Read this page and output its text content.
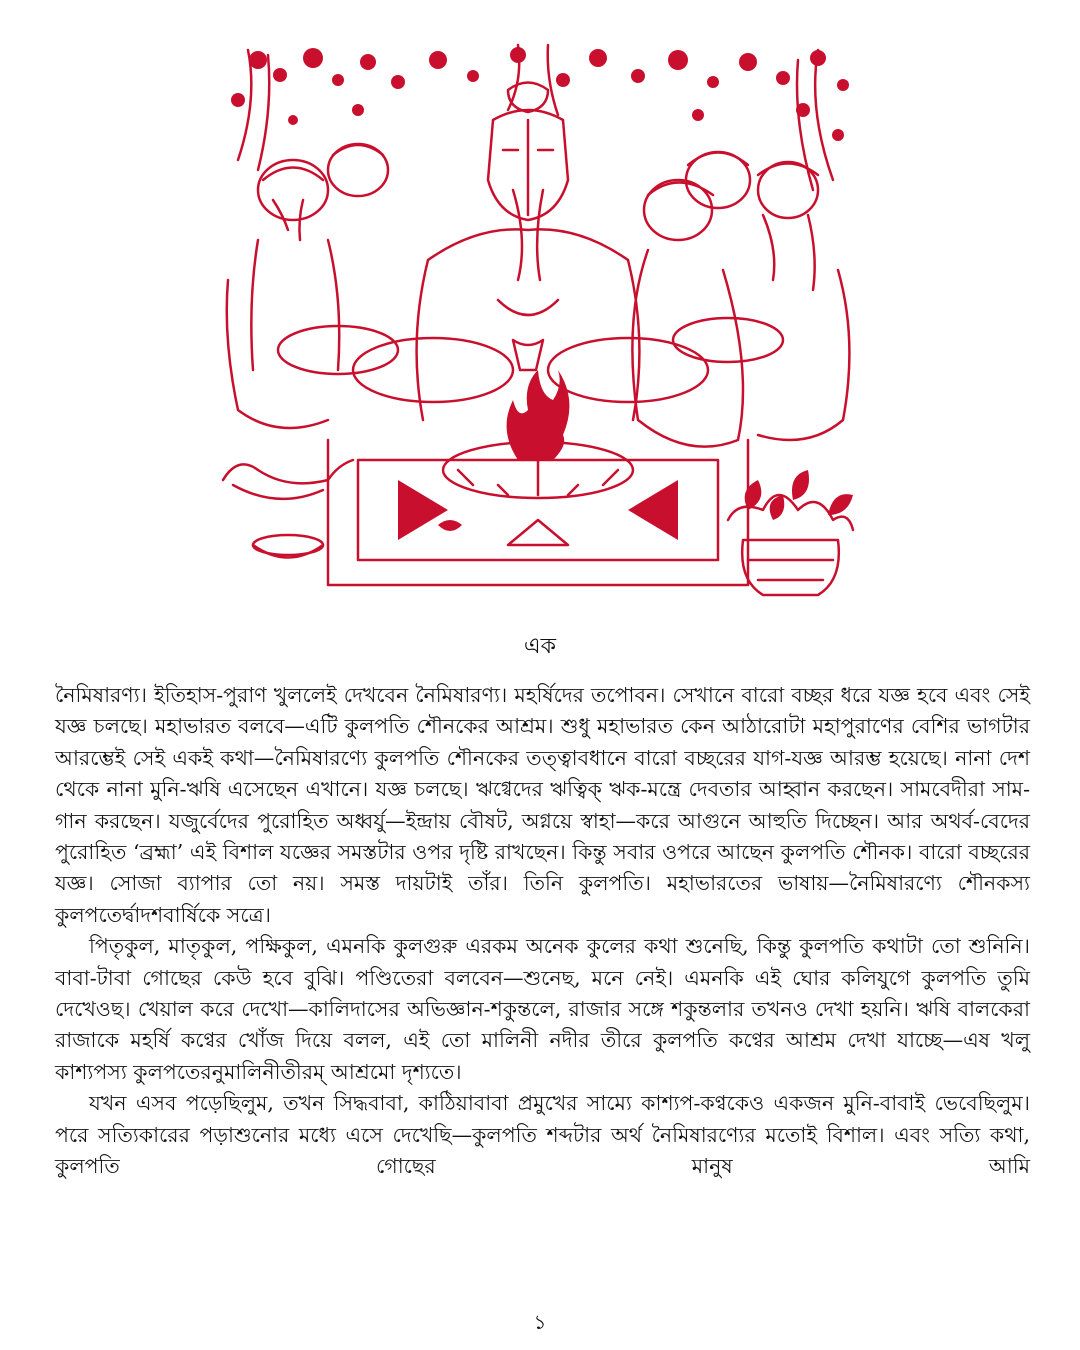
এক

নৈমিষারণ্য। ইতিহাস-পুরাণ খুললেই দেখবেন নৈমিষারণ্য। মহর্ষিদের তপোবন। সেখানে বারো বচ্ছর ধরে যজ্ঞ হবে এবং সেই যজ্ঞ চলছে। মহাভারত বলবে—এটি কুলপতি শৌনকের আশ্রম। শুধু মহাভারত কেন আঠারোটা মহাপুরাণের বেশির ভাগটার আরম্ভেই সেই একই কথা—নৈমিষারণ্যে কুলপতি শৌনকের তত্ত্বাবধানে বারো বচ্ছরের যাগ-যজ্ঞ আরম্ভ হয়েছে। নানা দেশ থেকে নানা মুনি-ঋষি এসেছেন এখানে। যজ্ঞ চলছে। ঋগ্বেদের ঋত্বিক্ ঋক-মন্ত্রে দেবতার আহ্বান করছেন। সামবেদীরা সাম-গান করছেন। যজুর্বেদের পুরোহিত অধ্বর্যু—ইন্দ্রায় বৌষট, অগ্নয়ে স্বাহা—করে আগুনে আহুতি দিচ্ছেন। আর অথর্ব-বেদের পুরোহিত ‘ব্রহ্মা’ এই বিশাল যজ্ঞের সমস্তটার ওপর দৃষ্টি রাখছেন। কিন্তু সবার ওপরে আছেন কুলপতি শৌনক। বারো বচ্ছরের যজ্ঞ। সোজা ব্যাপার তো নয়। সমস্ত দায়টাই তাঁর। তিনি কুলপতি। মহাভারতের ভাষায়—নৈমিষারণ্যে শৌনকস্য কুলপতের্দ্বাদশবার্ষিকে সত্রে।

পিতৃকুল, মাতৃকুল, পক্ষিকুল, এমনকি কুলগুরু এরকম অনেক কুলের কথা শুনেছি, কিন্তু কুলপতি কথাটা তো শুনিনি। বাবা-টাবা গোছের কেউ হবে বুঝি। পণ্ডিতেরা বলবেন—শুনেছ, মনে নেই। এমনকি এই ঘোর কলিযুগে কুলপতি তুমি দেখেওছ। খেয়াল করে দেখো—কালিদাসের অভিজ্ঞান-শকুন্তলে, রাজার সঙ্গে শকুন্তলার তখনও দেখা হয়নি। ঋষি বালকেরা রাজাকে মহর্ষি কণ্বের খোঁজ দিয়ে বলল, এই তো মালিনী নদীর তীরে কুলপতি কণ্বের আশ্রম দেখা যাচ্ছে—এষ খলু কাশ্যপস্য কুলপতেরনুমালিনীতীরম্ আশ্রমো দৃশ্যতে।

যখন এসব পড়েছিলুম, তখন সিদ্ধবাবা, কাঠিয়াবাবা প্রমুখের সাম্যে কাশ্যপ-কণ্বকেও একজন মুনি-বাবাই ভেবেছিলুম। পরে সত্যিকারের পড়াশুনোর মধ্যে এসে দেখেছি—কুলপতি শব্দটার অর্থ নৈমিষারণ্যের মতোই বিশাল। এবং সত্যি কথা, কুলপতি গোছের মানুষ আমি

১
